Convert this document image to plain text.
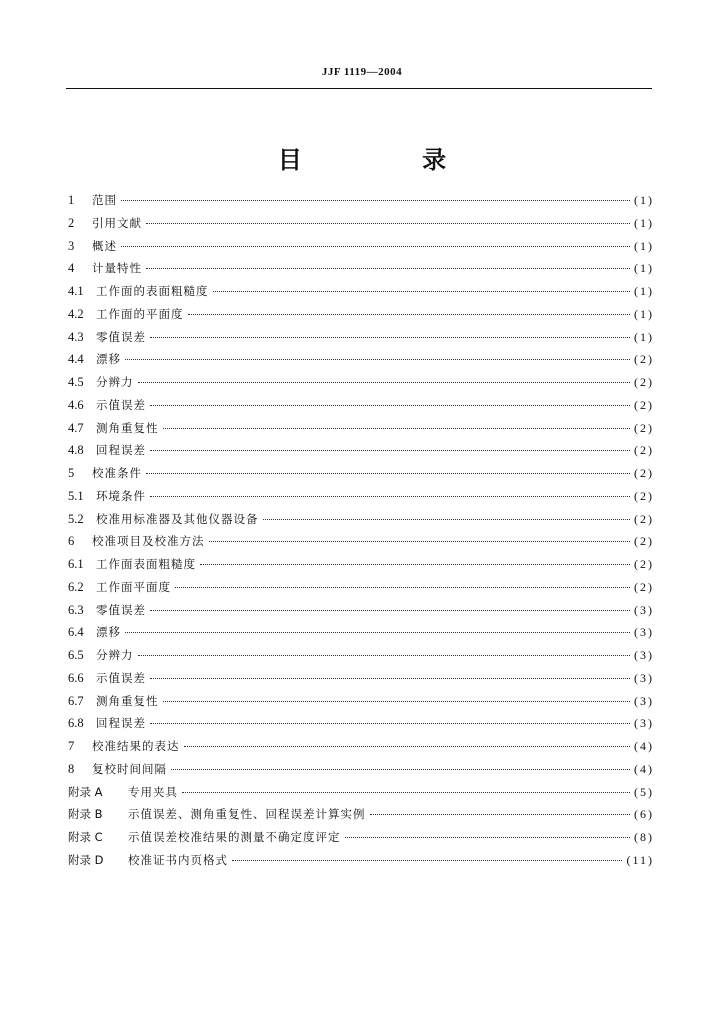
JJF 1119—2004
目 录
1	范围	(1)
2	引用文献	(1)
3	概述	(1)
4	计量特性	(1)
4.1	工作面的表面粗糙度	(1)
4.2	工作面的平面度	(1)
4.3	零值误差	(1)
4.4	漂移	(2)
4.5	分辨力	(2)
4.6	示值误差	(2)
4.7	测角重复性	(2)
4.8	回程误差	(2)
5	校准条件	(2)
5.1	环境条件	(2)
5.2	校准用标准器及其他仪器设备	(2)
6	校准项目及校准方法	(2)
6.1	工作面表面粗糙度	(2)
6.2	工作面平面度	(2)
6.3	零值误差	(3)
6.4	漂移	(3)
6.5	分辨力	(3)
6.6	示值误差	(3)
6.7	测角重复性	(3)
6.8	回程误差	(3)
7	校准结果的表达	(4)
8	复校时间间隔	(4)
附录 A	专用夹具	(5)
附录 B	示值误差、测角重复性、回程误差计算实例	(6)
附录 C	示值误差校准结果的测量不确定度评定	(8)
附录 D	校准证书内页格式	(11)
